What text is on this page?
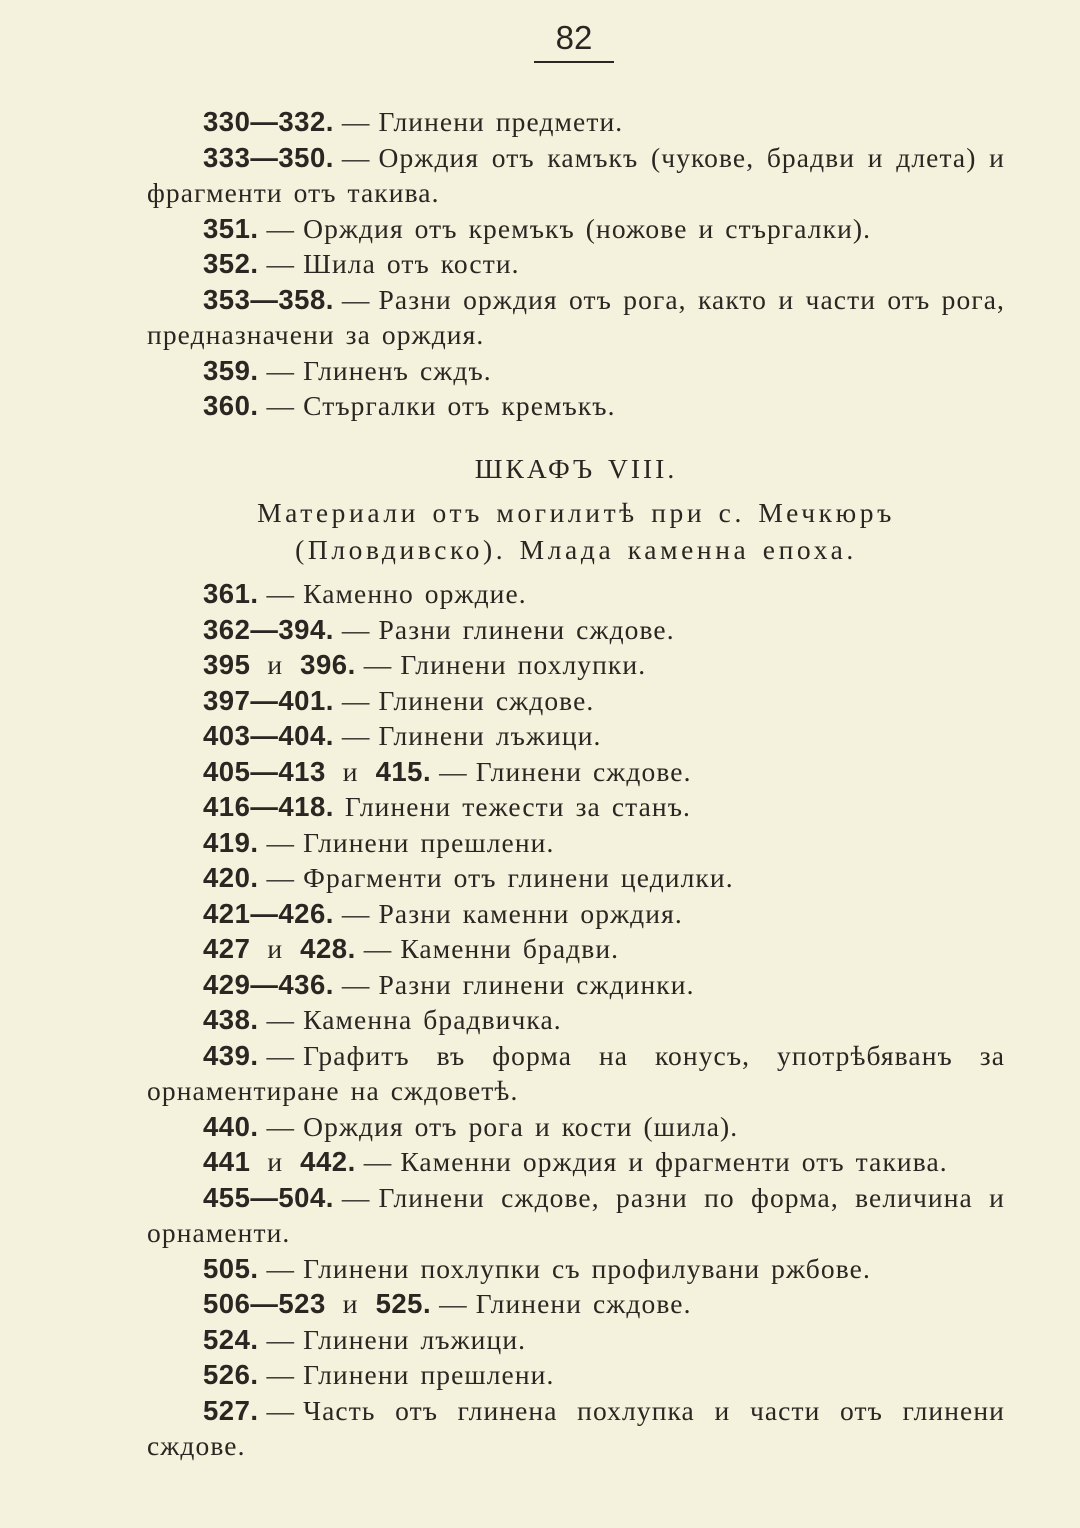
82

330—332. — Глинени предмети.

333—350. — Орждия отъ камъкъ (чукове, брадви и длета) и фрагменти отъ такива.

351. — Орждия отъ кремъкъ (ножове и стъргалки).

352. — Шила отъ кости.

353—358. — Разни орждия отъ рога, както и части отъ рога, предназначени за орждия.

359. — Глиненъ сждъ.

360. — Стъргалки отъ кремъкъ.

ШКАФЪ VIII.
Материали отъ могилитѣ при с. Мечкюръ
(Пловдивско). Млада каменна епоха.

361. — Каменно орждие.

362—394. — Разни глинени сждове.

395 и 396. — Глинени похлупки.

397—401. — Глинени сждове.

403—404. — Глинени лъжици.

405—413 и 415. — Глинени сждове.

416—418. Глинени тежести за станъ.

419. — Глинени прешлени.

420. — Фрагменти отъ глинени цедилки.

421—426. — Разни каменни орждия.

427 и 428. — Каменни брадви.

429—436. — Разни глинени сждинки.

438. — Каменна брадвичка.

439. — Графитъ въ форма на конусъ, употрѣбяванъ за орнаментиране на сждоветѣ.

440. — Орждия отъ рога и кости (шила).

441 и 442. — Каменни орждия и фрагменти отъ такива.

455—504. — Глинени сждове, разни по форма, величина и орнаменти.

505. — Глинени похлупки съ профилувани ржбове.

506—523 и 525. — Глинени сждове.

524. — Глинени лъжици.

526. — Глинени прешлени.

527. — Часть отъ глинена похлупка и части отъ глинени сждове.
